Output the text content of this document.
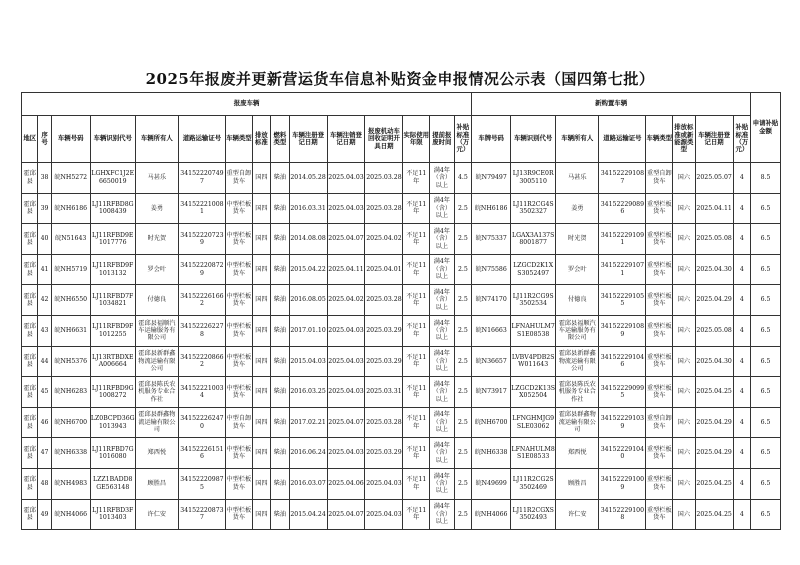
2025年报废并更新营运货车信息补贴资金申报情况公示表（国四第七批）
报废车辆															新购置车辆								申请补贴金额
地区	序号	车辆号码	车辆识别代号	车辆所有人	道路运输证号	车辆类型	排放标准	燃料类型	车辆注册登记日期	车辆注销登记日期	报废机动车回收证明开具日期	实际使用年限	提前报废时间	补贴标准（万元）	车牌号码	车辆识别代号	车辆所有人	道路运输证号	车辆类型	排放标准或新能源类型	车辆注册登记日期	补贴标准（万元）	
霍邱县	38	皖NH5272	LGHXFC1J2E6650019	马甚乐	341522207497	重型自卸货车	国四	柴油	2014.05.28	2025.04.03	2025.03.28	不足11年	满4年（含）以上	4.5	皖N79497	LJ13R9CE0R3005110	马甚乐	341522291087	重型自卸货车	国六	2025.05.07	4	8.5
霍邱县	39	皖NH6186	LJ11RFBD8G1008439	姜勇	341522210081	中型栏板货车	国四	柴油	2016.03.31	2025.04.03	2025.03.28	不足11年	满4年（含）以上	2.5	皖NH6186	LJ11R2CG4S3502327	姜勇	341522290896	重型栏板货车	国六	2025.04.11	4	6.5
霍邱县	40	皖N51643	LJ11RFBD9E1017776	时光贺	341522207239	中型栏板货车	国四	柴油	2014.08.08	2025.04.07	2025.04.02	不足11年	满4年（含）以上	2.5	皖N75337	LGAX3A137S8001877	时光贺	341522291091	重型栏板货车	国六	2025.05.08	4	6.5
霍邱县	41	皖NH5719	LJ11RFBD9F1013132	罗会叶	341522208729	中型栏板货车	国四	柴油	2015.04.22	2025.04.11	2025.04.01	不足11年	满4年（含）以上	2.5	皖N75586	LZGCD2K1XS3052497	罗会叶	341522291071	重型栏板货车	国六	2025.04.30	4	6.5
霍邱县	42	皖NH6550	LJ11RFBD7F1034821	付德良	341522261662	中型栏板货车	国四	柴油	2016.08.05	2025.04.02	2025.03.28	不足11年	满4年（含）以上	2.5	皖N74170	LJ11R2CG9S3502534	付德良	341522291055	重型栏板货车	国六	2025.04.29	4	6.5
霍邱县	43	皖NH6631	LJ11RFBD9F1012255	霍邱县福顺汽车运输服务有限公司	341522262278	中型栏板货车	国四	柴油	2017.01.10	2025.04.03	2025.03.29	不足11年	满4年（含）以上	2.5	皖N16663	LFNAHULM7S1E08538	霍邱县福顺汽车运输服务有限公司	341522291089	重型栏板货车	国六	2025.05.08	4	6.5
霍邱县	44	皖NH5376	LJ13RTBDXEA006664	霍邱县新群鑫物流运输有限公司	341522208662	中型栏板货车	国四	柴油	2015.04.03	2025.04.03	2025.03.29	不足11年	满4年（含）以上	2.5	皖N36657	LVBV4PDB2SW011643	霍邱县新群鑫物流运输有限公司	341522291046	重型栏板货车	国六	2025.04.30	4	6.5
霍邱县	45	皖NH6283	LJ11RFBD9G1008272	霍邱县陈氏农机服务专业合作社	341522210034	中型栏板货车	国四	柴油	2016.03.25	2025.04.03	2025.03.31	不足11年	满4年（含）以上	2.5	皖N73917	LZGCD2K13SX052504	霍邱县陈氏农机服务专业合作社	341522290995	重型栏板货车	国六	2025.04.25	4	6.5
霍邱县	46	皖NH6700	LZ0BCPD36G1013943	霍邱县群鑫物流运输有限公司	341522262470	中型自卸货车	国四	柴油	2017.02.21	2025.04.07	2025.03.28	不足11年	满4年（含）以上	2.5	皖NH6700	LFNGHMJG9SLE03062	霍邱县群鑫物流运输有限公司	341522291039	重型自卸货车	国六	2025.04.29	4	6.5
霍邱县	47	皖NH6338	LJ11RFBD7G1016080	郑西悦	341522261516	中型栏板货车	国四	柴油	2016.06.24	2025.04.03	2025.03.29	不足11年	满4年（含）以上	2.5	皖NH6338	LFNAHULM8S1E08533	郑西悦	341522291040	重型栏板货车	国六	2025.04.29	4	6.5
霍邱县	48	皖NH4983	LZZ1BADD8GE563148	顾胜昌	341522209875	中型栏板货车	国四	柴油	2016.03.07	2025.04.06	2025.04.03	不足11年	满4年（含）以上	2.5	皖N49699	LJ11R2CG2S3502469	顾胜昌	341522291009	重型栏板货车	国六	2025.04.25	4	6.5
霍邱县	49	皖NH4066	LJ11RFBD3F1013403	许仁安	341522208737	中型栏板货车	国四	柴油	2015.04.24	2025.04.07	2025.04.03	不足11年	满4年（含）以上	2.5	皖NH4066	LJ11R2CGXS3502493	许仁安	341522291008	重型栏板货车	国六	2025.04.25	4	6.5
